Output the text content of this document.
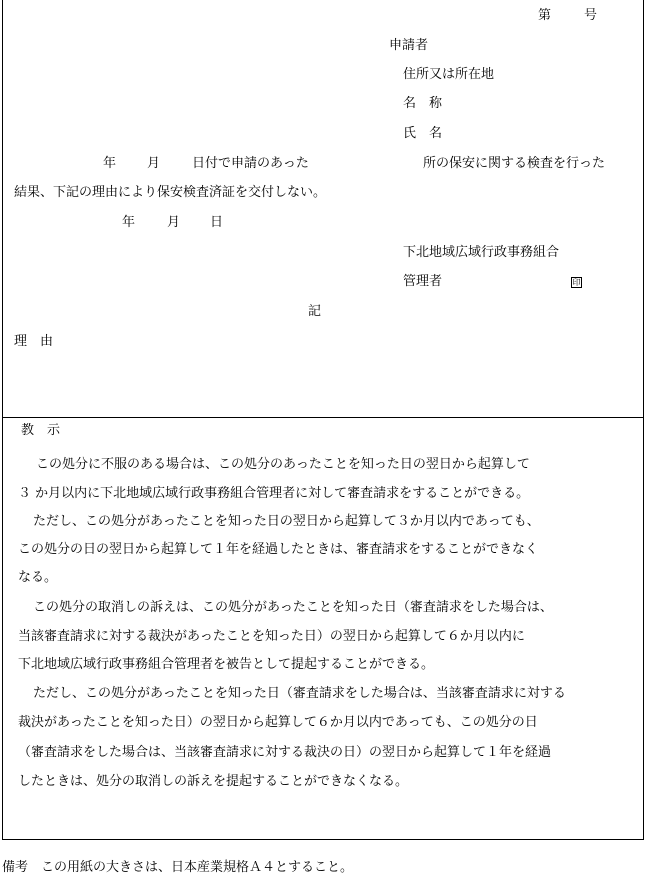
第	号
申請者
住所又は所在地
名　称
氏　名
年 月 日付で申請のあった	所の保安に関する検査を行った
結果、下記の理由により保安検査済証を交付しない。
年 月 日
下北地域広域行政事務組合
管理者	印
記
理　由
教　示
この処分に不服のある場合は、この処分のあったことを知った日の翌日から起算して
３ か月以内に下北地域広域行政事務組合管理者に対して審査請求をすることができる。
ただし、この処分があったことを知った日の翌日から起算して３か月以内であっても、
この処分の日の翌日から起算して１年を経過したときは、審査請求をすることができなく
なる。
この処分の取消しの訴えは、この処分があったことを知った日（審査請求をした場合は、
当該審査請求に対する裁決があったことを知った日）の翌日から起算して６か月以内に
下北地域広域行政事務組合管理者を被告として提起することができる。
ただし、この処分があったことを知った日（審査請求をした場合は、当該審査請求に対する
裁決があったことを知った日）の翌日から起算して６か月以内であっても、この処分の日
（審査請求をした場合は、当該審査請求に対する裁決の日）の翌日から起算して１年を経過
したときは、処分の取消しの訴えを提起することができなくなる。
備考　この用紙の大きさは、日本産業規格Ａ４とすること。
